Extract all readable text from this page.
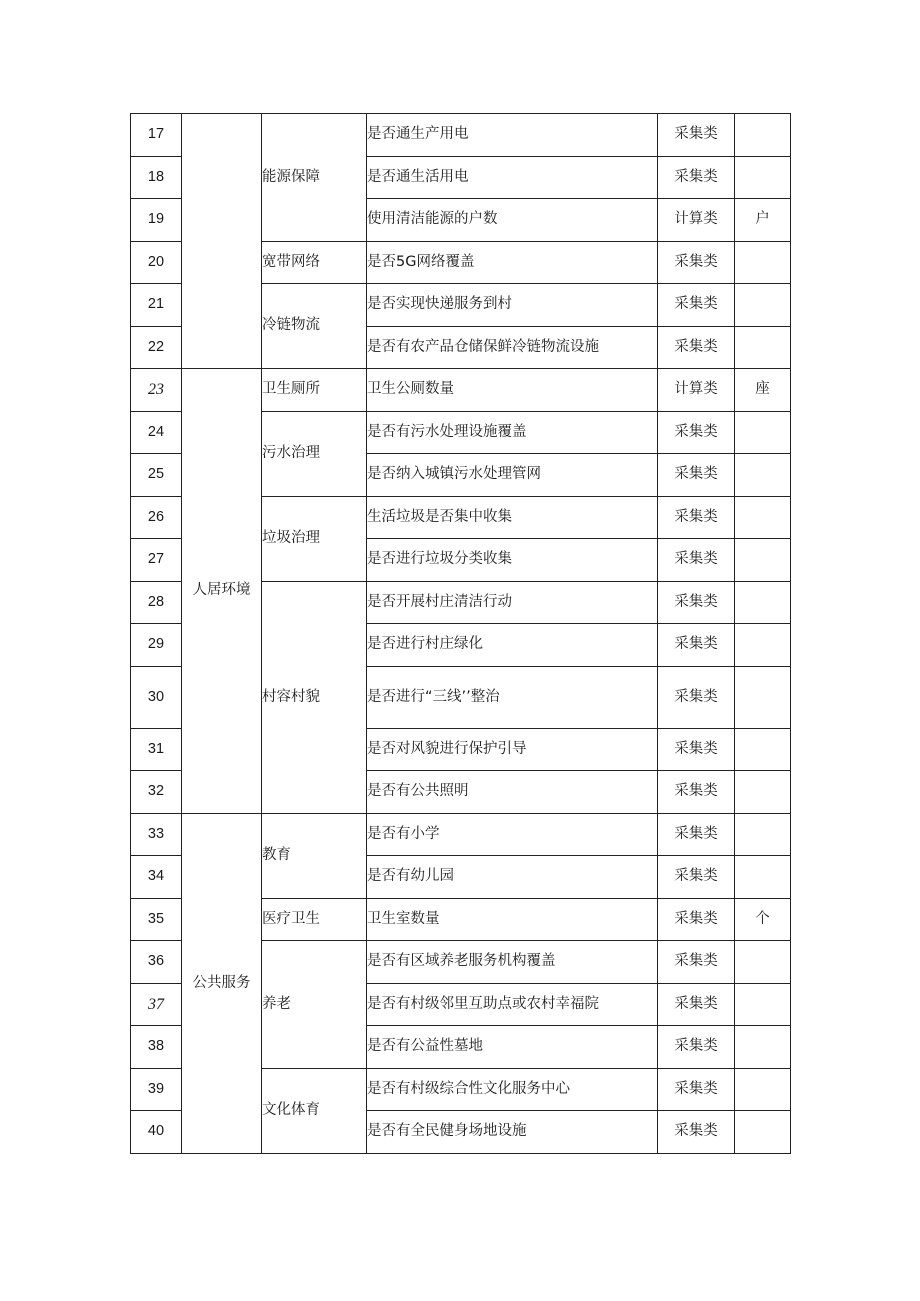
17		能源保障	是否通生产用电	采集类	
18			是否通生活用电	采集类	
19			使用清洁能源的户数	计算类	户
20		宽带网络	是否5G网络覆盖	采集类	
21		冷链物流	是否实现快递服务到村	采集类	
22			是否有农产品仓储保鲜冷链物流设施	采集类	
23	人居环境	卫生厕所	卫生公厕数量	计算类	座
24		污水治理	是否有污水处理设施覆盖	采集类	
25			是否纳入城镇污水处理管网	采集类	
26		垃圾治理	生活垃圾是否集中收集	采集类	
27			是否进行垃圾分类收集	采集类	
28		村容村貌	是否开展村庄清洁行动	采集类	
29			是否进行村庄绿化	采集类	
30			是否进行“三线’’整治	采集类	
31			是否对风貌进行保护引导	采集类	
32			是否有公共照明	采集类	
33	公共服务	教育	是否有小学	采集类	
34			是否有幼儿园	采集类	
35		医疗卫生	卫生室数量	采集类	个
36		养老	是否有区域养老服务机构覆盖	采集类	
37			是否有村级邻里互助点或农村幸福院	采集类	
38			是否有公益性墓地	采集类	
39		文化体育	是否有村级综合性文化服务中心	采集类	
40			是否有全民健身场地设施	采集类	
